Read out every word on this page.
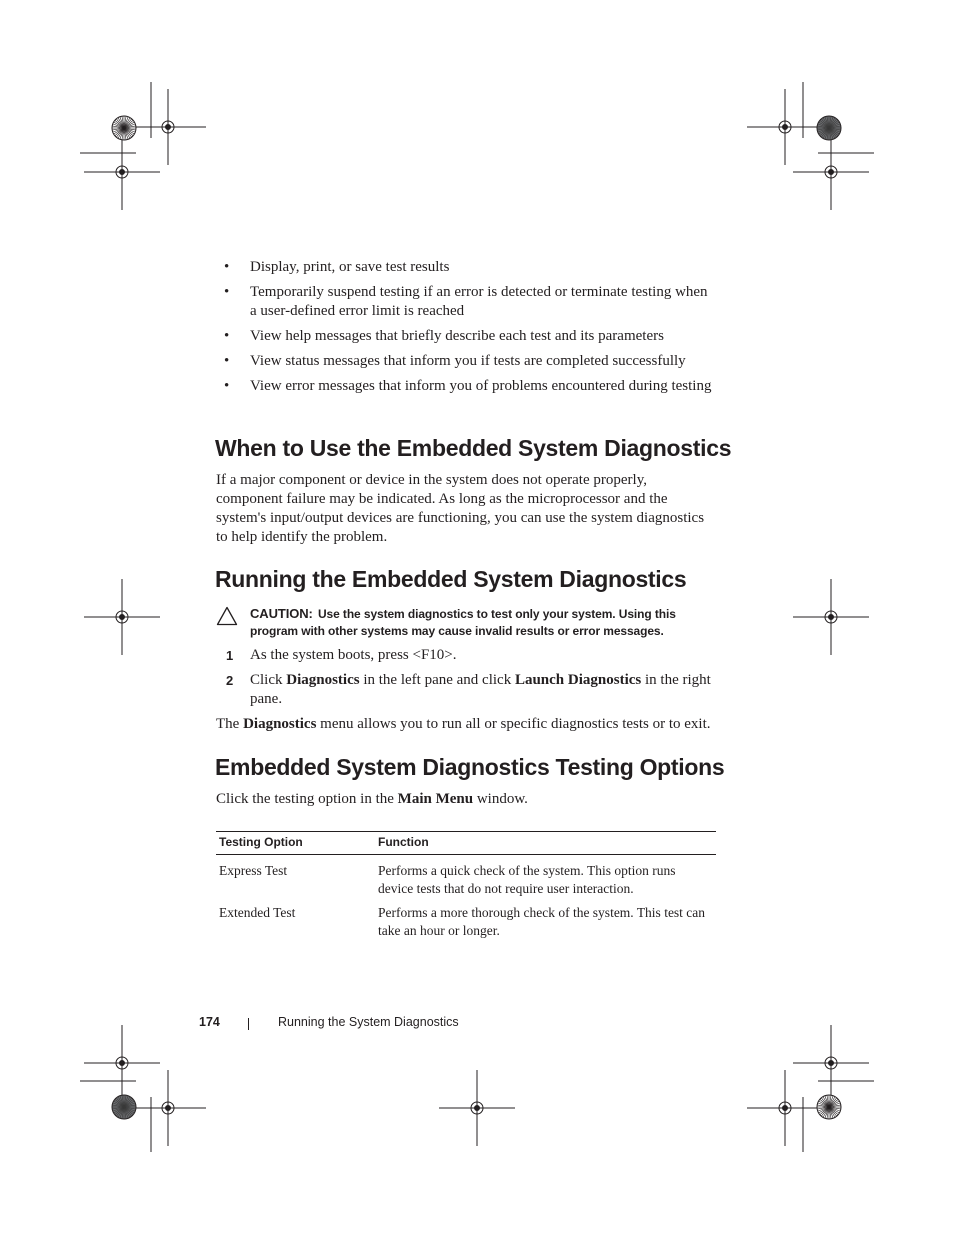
• Display, print, or save test results
• Temporarily suspend testing if an error is detected or terminate testing when a user-defined error limit is reached
• View help messages that briefly describe each test and its parameters
• View status messages that inform you if tests are completed successfully
• View error messages that inform you of problems encountered during testing
When to Use the Embedded System Diagnostics

If a major component or device in the system does not operate properly, component failure may be indicated. As long as the microprocessor and the system's input/output devices are functioning, you can use the system diagnostics to help identify the problem.

Running the Embedded System Diagnostics
CAUTION: Use the system diagnostics to test only your system. Using this program with other systems may cause invalid results or error messages.
1 As the system boots, press <F10>.
2 Click Diagnostics in the left pane and click Launch Diagnostics in the right pane.

The Diagnostics menu allows you to run all or specific diagnostics tests or to exit.

Embedded System Diagnostics Testing Options

Click the testing option in the Main Menu window.

Testing Option	Function
Express Test	Performs a quick check of the system. This option runs device tests that do not require user interaction.
Extended Test	Performs a more thorough check of the system. This test can take an hour or longer.
174	Running the System Diagnostics
